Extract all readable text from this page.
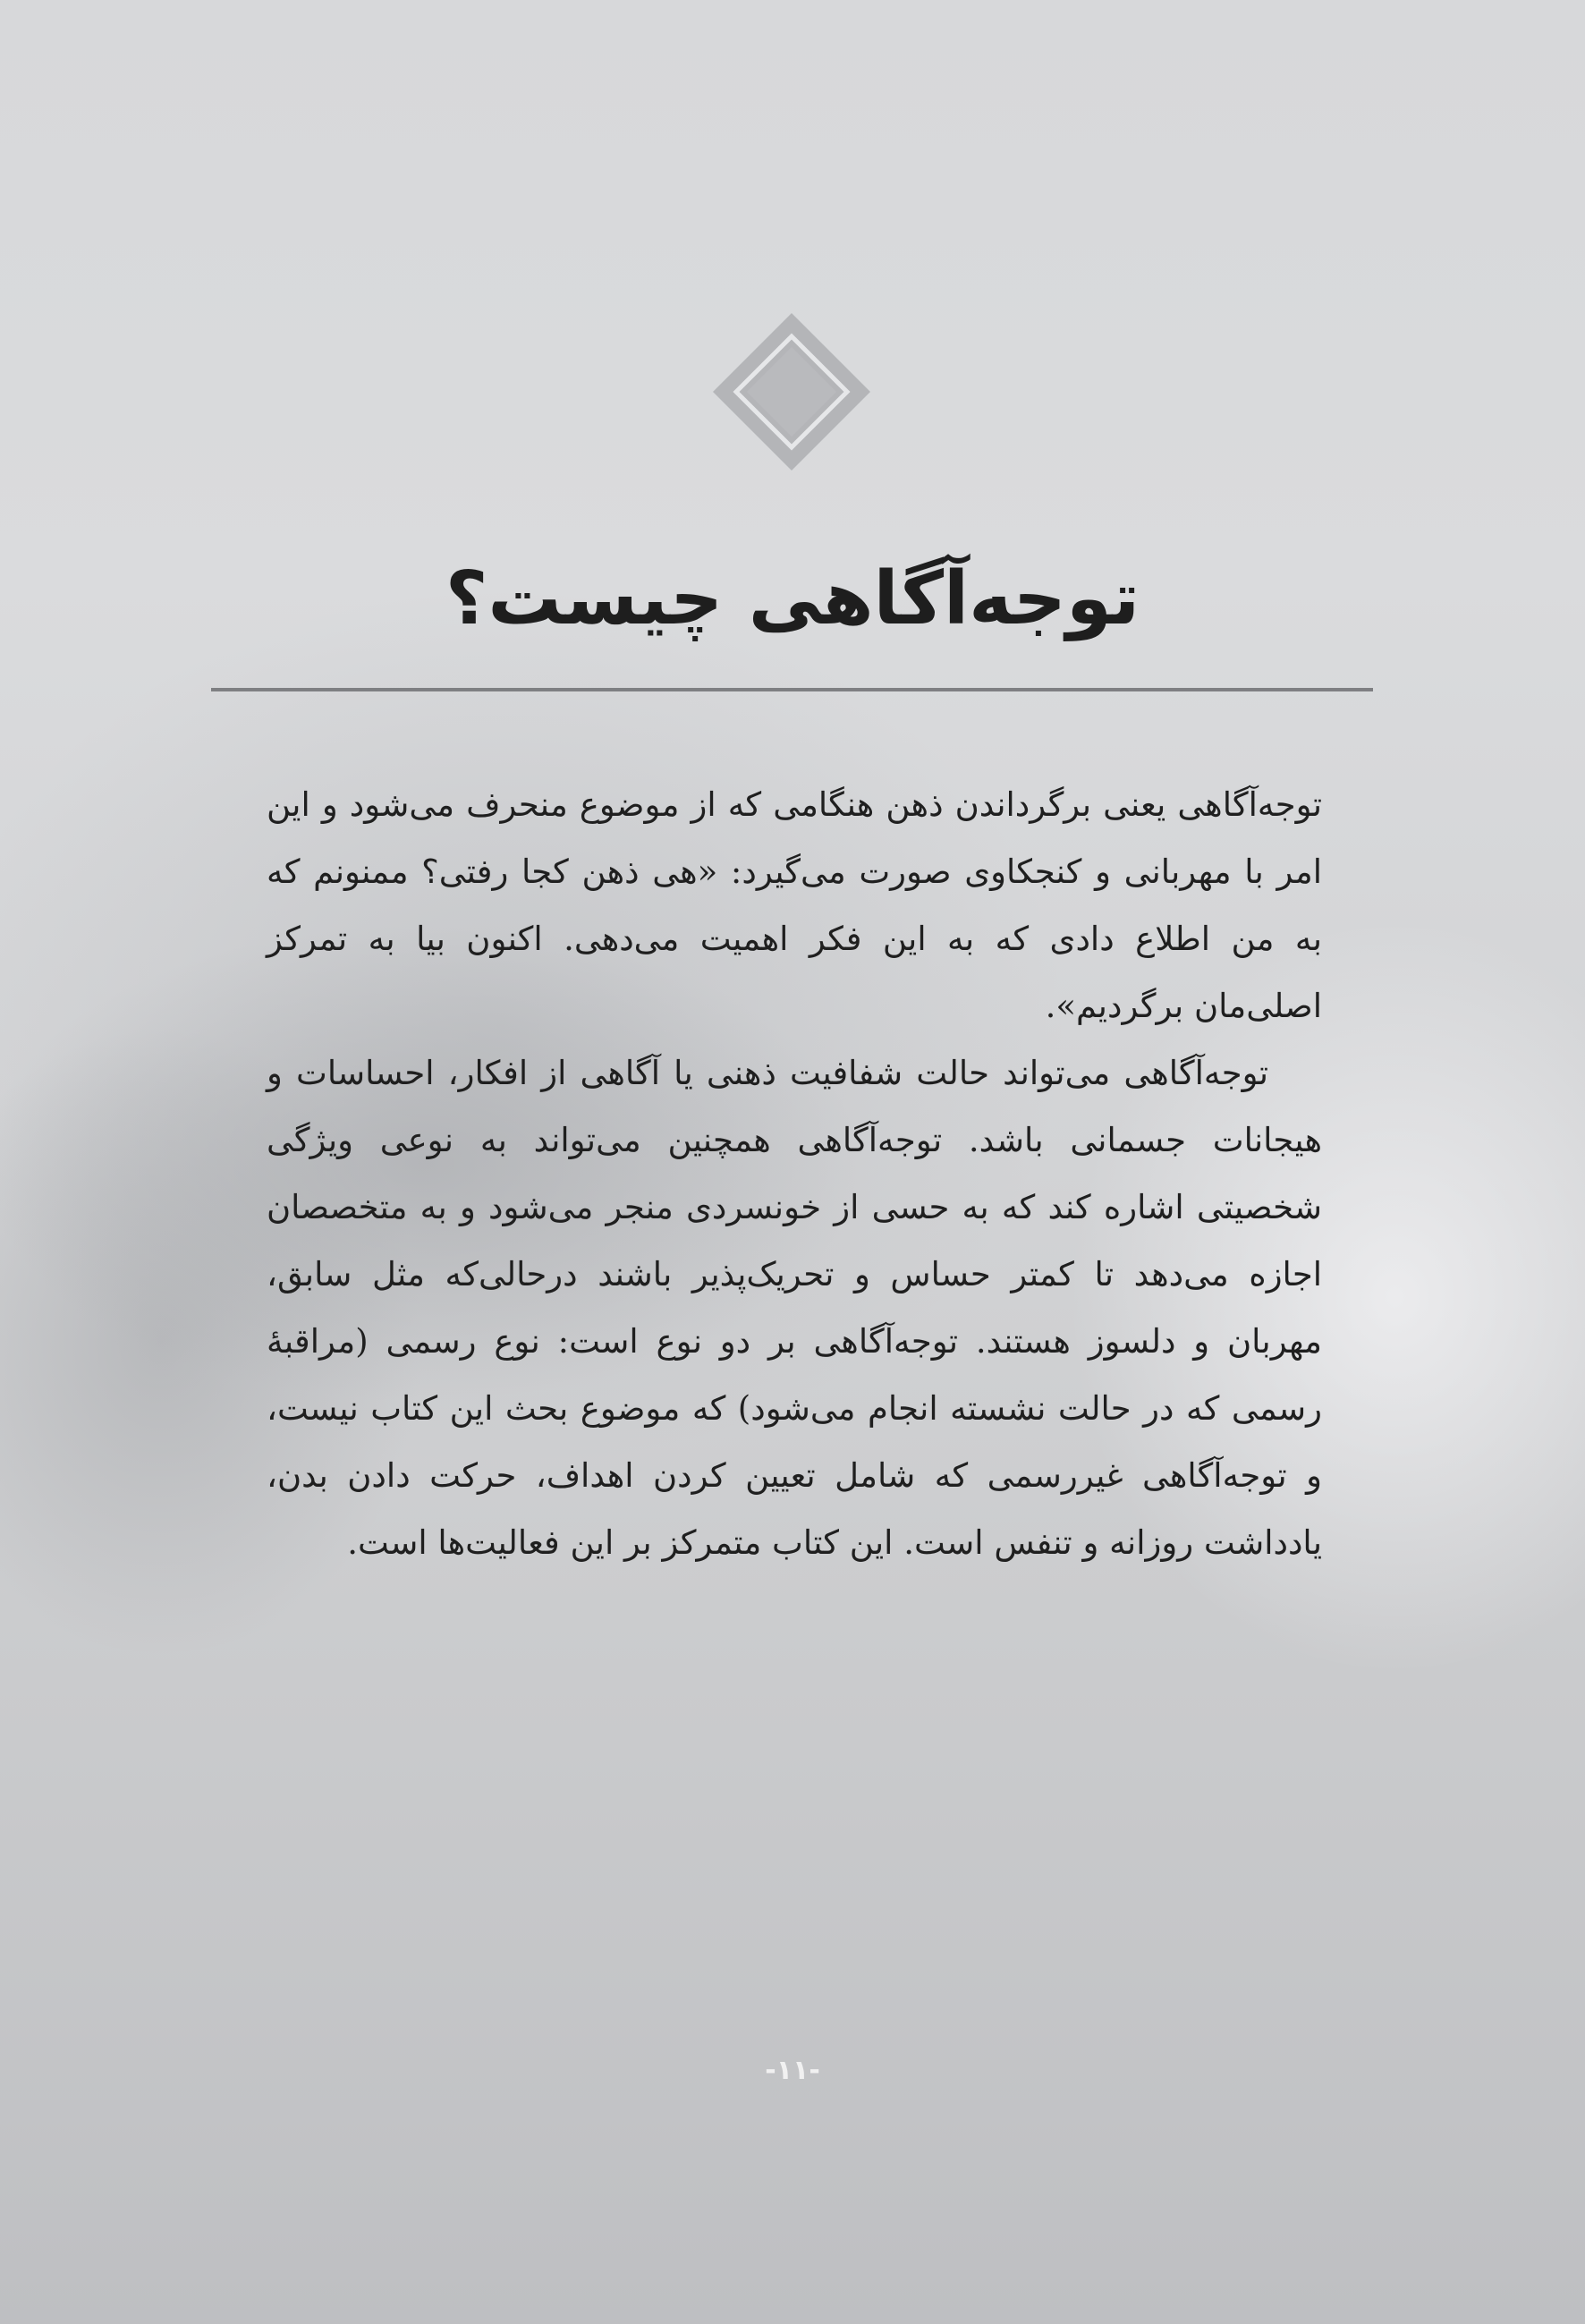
توجه‌آگاهی چیست؟

توجه‌آگاهی یعنی برگرداندن ذهن هنگامی که از موضوع منحرف می‌شود و این امر با مهربانی و کنجکاوی صورت می‌گیرد: «هی ذهن کجا رفتی؟ ممنونم که به من اطلاع دادی که به این فکر اهمیت می‌دهی. اکنون بیا به تمرکز اصلی‌مان برگردیم».

توجه‌آگاهی می‌تواند حالت شفافیت ذهنی یا آگاهی از افکار، احساسات و هیجانات جسمانی باشد. توجه‌آگاهی همچنین می‌تواند به نوعی ویژگی شخصیتی اشاره کند که به حسی از خونسردی منجر می‌شود و به متخصصان اجازه می‌دهد تا کمتر حساس و تحریک‌پذیر باشند درحالی‌که مثل سابق، مهربان و دلسوز هستند. توجه‌آگاهی بر دو نوع است: نوع رسمی (مراقبهٔ رسمی که در حالت نشسته انجام می‌شود) که موضوع بحث این کتاب نیست، و توجه‌آگاهی غیررسمی که شامل تعیین کردن اهداف، حرکت دادن بدن، یادداشت روزانه و تنفس است. این کتاب متمرکز بر این فعالیت‌ها است.

-۱۱-
